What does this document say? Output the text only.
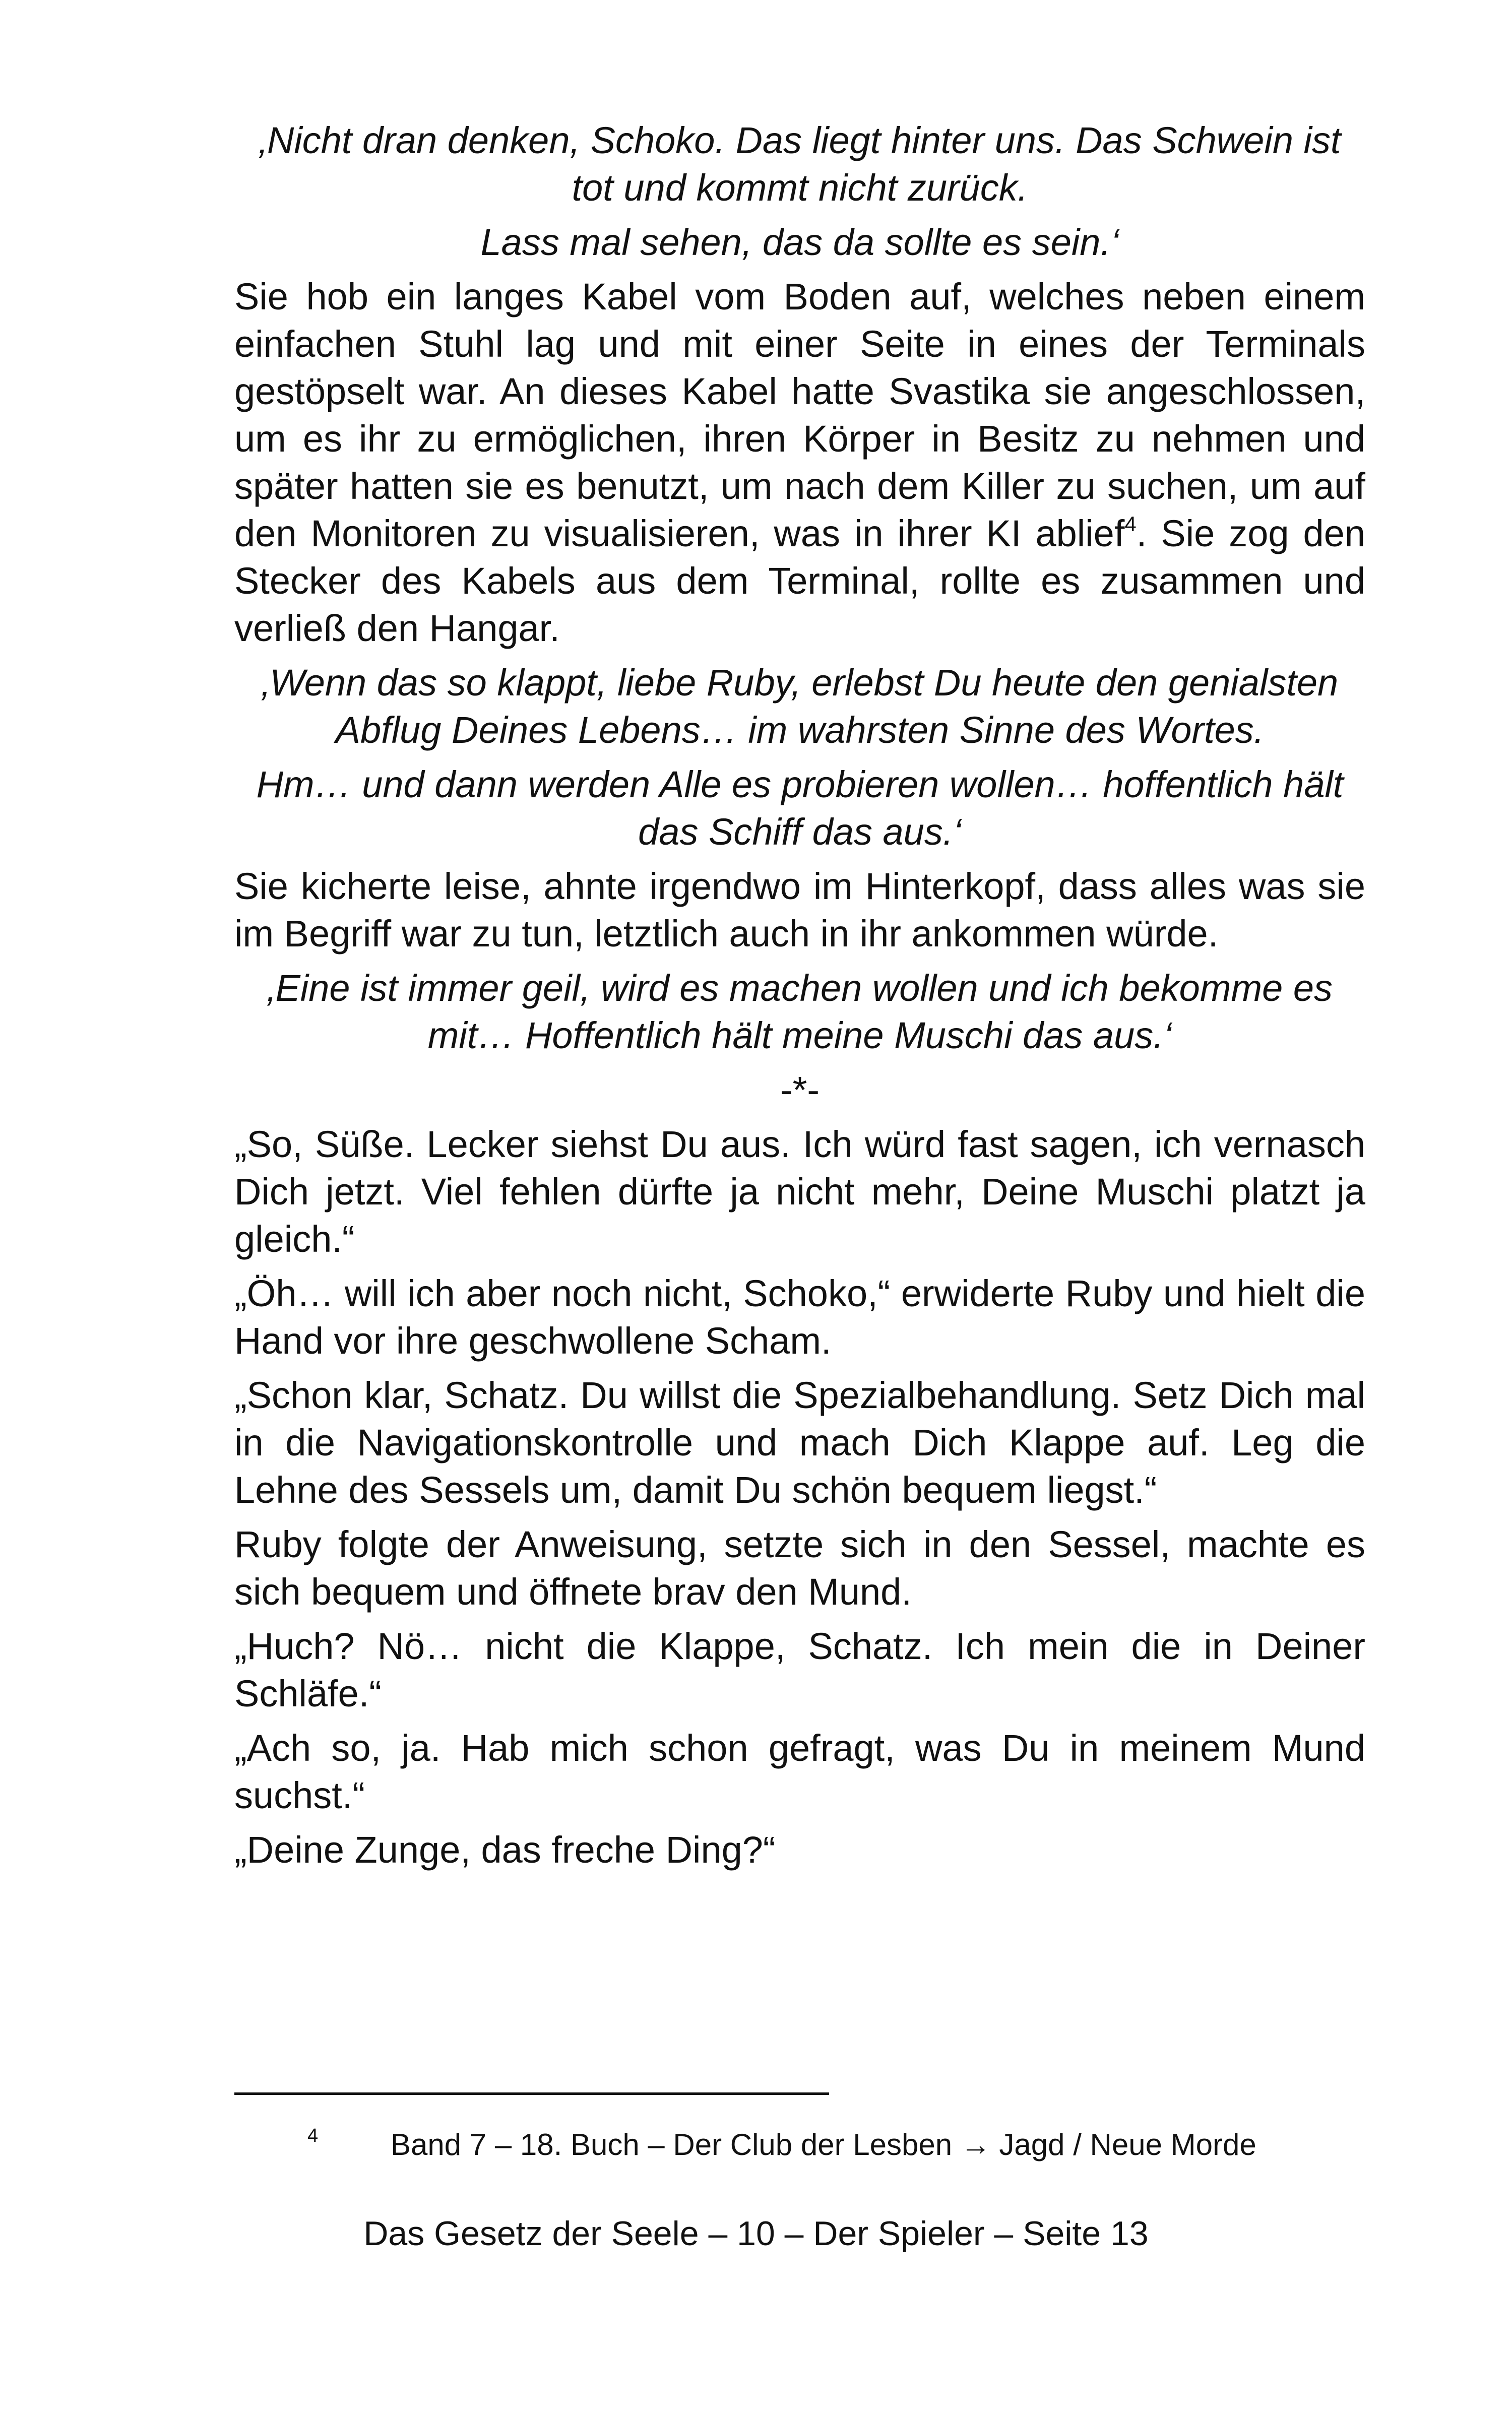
‚Nicht dran denken, Schoko. Das liegt hinter uns. Das Schwein ist tot und kommt nicht zurück.

Lass mal sehen, das da sollte es sein.‘

Sie hob ein langes Kabel vom Boden auf, welches neben einem einfachen Stuhl lag und mit einer Seite in eines der Terminals gestöpselt war. An dieses Kabel hatte Svastika sie angeschlossen, um es ihr zu ermöglichen, ihren Körper in Besitz zu nehmen und später hatten sie es benutzt, um nach dem Killer zu suchen, um auf den Monitoren zu visualisieren, was in ihrer KI ablief$^4$. Sie zog den Stecker des Kabels aus dem Terminal, rollte es zusammen und verließ den Hangar.

‚Wenn das so klappt, liebe Ruby, erlebst Du heute den genialsten Abflug Deines Lebens… im wahrsten Sinne des Wortes.

Hm… und dann werden Alle es probieren wollen… hoffentlich hält das Schiff das aus.‘

Sie kicherte leise, ahnte irgendwo im Hinterkopf, dass alles was sie im Begriff war zu tun, letztlich auch in ihr ankommen würde.

‚Eine ist immer geil, wird es machen wollen und ich bekomme es mit… Hoffentlich hält meine Muschi das aus.‘

-*-

„So, Süße. Lecker siehst Du aus. Ich würd fast sagen, ich vernasch Dich jetzt. Viel fehlen dürfte ja nicht mehr, Deine Muschi platzt ja gleich.“

„Öh… will ich aber noch nicht, Schoko,“ erwiderte Ruby und hielt die Hand vor ihre geschwollene Scham.

„Schon klar, Schatz. Du willst die Spezialbehandlung. Setz Dich mal in die Navigationskontrolle und mach Dich Klappe auf. Leg die Lehne des Sessels um, damit Du schön bequem liegst.“

Ruby folgte der Anweisung, setzte sich in den Sessel, machte es sich bequem und öffnete brav den Mund.

„Huch? Nö… nicht die Klappe, Schatz. Ich mein die in Deiner Schläfe.“

„Ach so, ja. Hab mich schon gefragt, was Du in meinem Mund suchst.“

„Deine Zunge, das freche Ding?“

4 Band 7 – 18. Buch – Der Club der Lesben → Jagd / Neue Morde
Das Gesetz der Seele – 10 – Der Spieler – Seite 13
